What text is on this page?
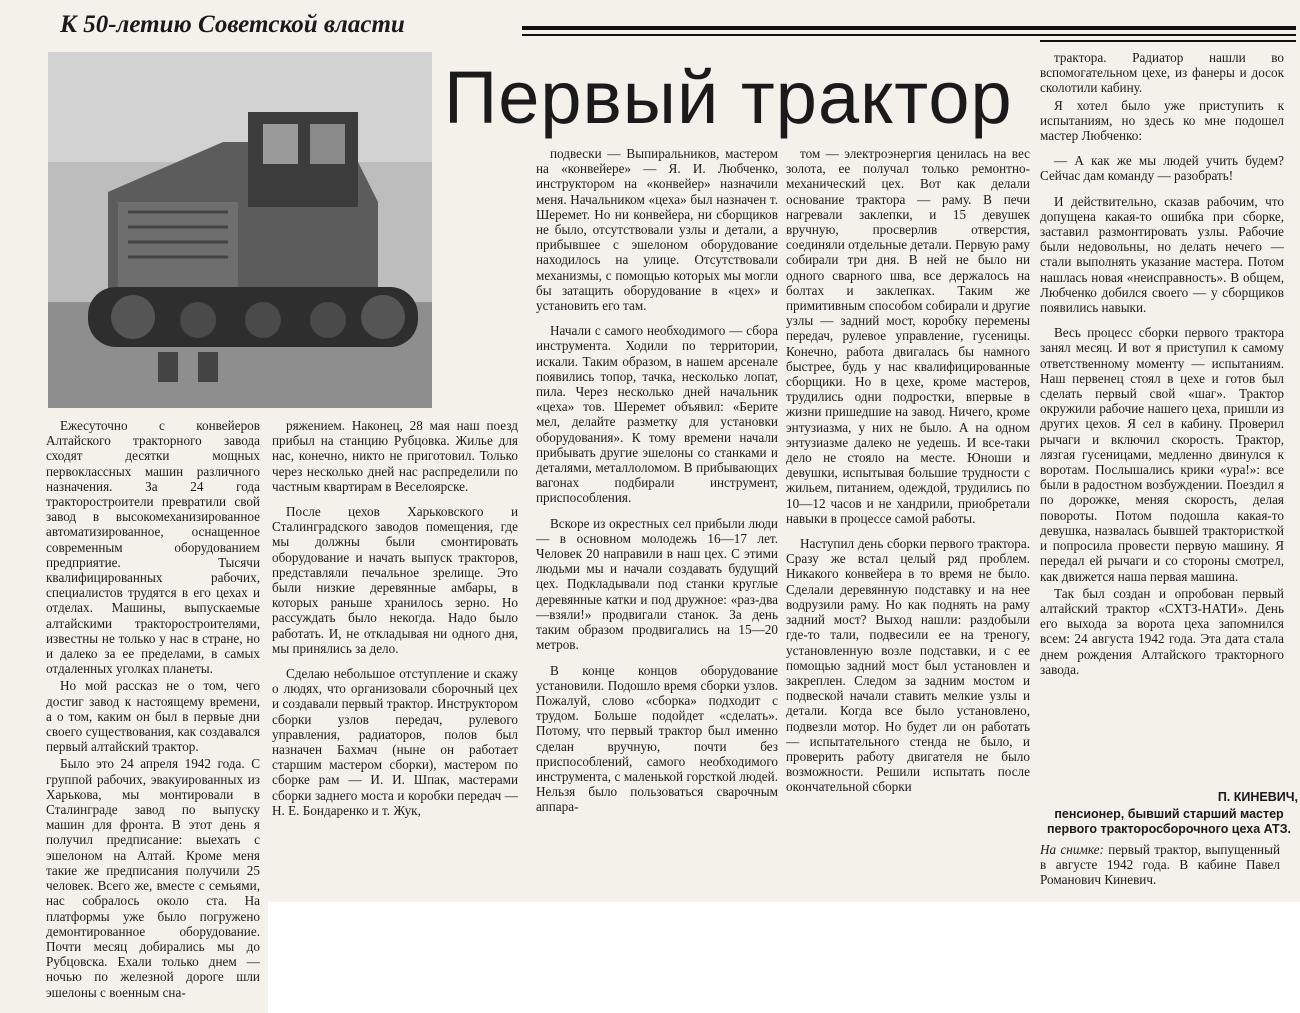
К 50-летию Советской власти
Первый трактор

Ежесуточно с конвейеров Алтайского тракторного завода сходят десятки мощных первоклассных машин различного назначения. За 24 года тракторостроители превратили свой завод в высокомеханизированное автоматизированное, оснащенное современным оборудованием предприятие. Тысячи квалифицированных рабочих, специалистов трудятся в его цехах и отделах. Машины, выпускаемые алтайскими тракторостроителями, известны не только у нас в стране, но и далеко за ее пределами, в самых отдаленных уголках планеты.

Но мой рассказ не о том, чего достиг завод к настоящему времени, а о том, каким он был в первые дни своего существования, как создавался первый алтайский трактор.

Было это 24 апреля 1942 года. С группой рабочих, эвакуированных из Харькова, мы монтировали в Сталинграде завод по выпуску машин для фронта. В этот день я получил предписание: выехать с эшелоном на Алтай. Кроме меня такие же предписания получили 25 человек. Всего же, вместе с семьями, нас собралось около ста. На платформы уже было погружено демонтированное оборудование. Почти месяц добирались мы до Рубцовска. Ехали только днем — ночью по железной дороге шли эшелоны с военным сна-

ряжением. Наконец, 28 мая наш поезд прибыл на станцию Рубцовка. Жилье для нас, конечно, никто не приготовил. Только через несколько дней нас распределили по частным квартирам в Веселоярске.

После цехов Харьковского и Сталинградского заводов помещения, где мы должны были смонтировать оборудование и начать выпуск тракторов, представляли печальное зрелище. Это были низкие деревянные амбары, в которых раньше хранилось зерно. Но рассуждать было некогда. Надо было работать. И, не откладывая ни одного дня, мы принялись за дело.

Сделаю небольшое отступление и скажу о людях, что организовали сборочный цех и создавали первый трактор. Инструктором сборки узлов передач, рулевого управления, радиаторов, полов был назначен Бахмач (ныне он работает старшим мастером сборки), мастером по сборке рам — И. И. Шпак, мастерами сборки заднего моста и коробки передач — Н. Е. Бондаренко и т. Жук,

подвески — Выпиральников, мастером на «конвейере» — Я. И. Любченко, инструктором на «конвейер» назначили меня. Начальником «цеха» был назначен т. Шеремет. Но ни конвейера, ни сборщиков не было, отсутствовали узлы и детали, а прибывшее с эшелоном оборудование находилось на улице. Отсутствовали механизмы, с помощью которых мы могли бы затащить оборудование в «цех» и установить его там.

Начали с самого необходимого — сбора инструмента. Ходили по территории, искали. Таким образом, в нашем арсенале появились топор, тачка, несколько лопат, пила. Через несколько дней начальник «цеха» тов. Шеремет объявил: «Берите мел, делайте разметку для установки оборудования». К тому времени начали прибывать другие эшелоны со станками и деталями, металлоломом. В прибывающих вагонах подбирали инструмент, приспособления.

Вскоре из окрестных сел прибыли люди — в основном молодежь 16—17 лет. Человек 20 направили в наш цех. С этими людьми мы и начали создавать будущий цех. Подкладывали под станки круглые деревянные катки и под дружное: «раз-два—взяли!» продвигали станок. За день таким образом продвигались на 15—20 метров.

В конце концов оборудование установили. Подошло время сборки узлов. Пожалуй, слово «сборка» подходит с трудом. Больше подойдет «сделать». Потому, что первый трактор был именно сделан вручную, почти без приспособлений, самого необходимого инструмента, с маленькой горсткой людей. Нельзя было пользоваться сварочным аппара-

том — электроэнергия ценилась на вес золота, ее получал только ремонтно-механический цех. Вот как делали основание трактора — раму. В печи нагревали заклепки, и 15 девушек вручную, просверлив отверстия, соединяли отдельные детали. Первую раму собирали три дня. В ней не было ни одного сварного шва, все держалось на болтах и заклепках. Таким же примитивным способом собирали и другие узлы — задний мост, коробку перемены передач, рулевое управление, гусеницы. Конечно, работа двигалась бы намного быстрее, будь у нас квалифицированные сборщики. Но в цехе, кроме мастеров, трудились одни подростки, впервые в жизни пришедшие на завод. Ничего, кроме энтузиазма, у них не было. А на одном энтузиазме далеко не уедешь. И все-таки дело не стояло на месте. Юноши и девушки, испытывая большие трудности с жильем, питанием, одеждой, трудились по 10—12 часов и не хандрили, приобретали навыки в процессе самой работы.

Наступил день сборки первого трактора. Сразу же встал целый ряд проблем. Никакого конвейера в то время не было. Сделали деревянную подставку и на нее водрузили раму. Но как поднять на раму задний мост? Выход нашли: раздобыли где-то тали, подвесили ее на треногу, установленную возле подставки, и с ее помощью задний мост был установлен и закреплен. Следом за задним мостом и подвеской начали ставить мелкие узлы и детали. Когда все было установлено, подвезли мотор. Но будет ли он работать — испытательного стенда не было, и проверить работу двигателя не было возможности. Решили испытать после окончательной сборки

трактора. Радиатор нашли во вспомогательном цехе, из фанеры и досок сколотили кабину.

Я хотел было уже приступить к испытаниям, но здесь ко мне подошел мастер Любченко:

— А как же мы людей учить будем? Сейчас дам команду — разобрать!

И действительно, сказав рабочим, что допущена какая-то ошибка при сборке, заставил размонтировать узлы. Рабочие были недовольны, но делать нечего — стали выполнять указание мастера. Потом нашлась новая «неисправность». В общем, Любченко добился своего — у сборщиков появились навыки.

Весь процесс сборки первого трактора занял месяц. И вот я приступил к самому ответственному моменту — испытаниям. Наш первенец стоял в цехе и готов был сделать первый свой «шаг». Трактор окружили рабочие нашего цеха, пришли из других цехов. Я сел в кабину. Проверил рычаги и включил скорость. Трактор, лязгая гусеницами, медленно двинулся к воротам. Послышались крики «ура!»: все были в радостном возбуждении. Поездил я по дорожке, меняя скорость, делая повороты. Потом подошла какая-то девушка, назвалась бывшей трактористкой и попросила провести первую машину. Я передал ей рычаги и со стороны смотрел, как движется наша первая машина.

Так был создан и опробован первый алтайский трактор «СХТЗ-НАТИ». День его выхода за ворота цеха запомнился всем: 24 августа 1942 года. Эта дата стала днем рождения Алтайского тракторного завода.

П. КИНЕВИЧ,

пенсионер, бывший старший мастер первого тракторосборочного цеха АТЗ.

На снимке: первый трактор, выпущенный в августе 1942 года. В кабине Павел Романович Киневич.
